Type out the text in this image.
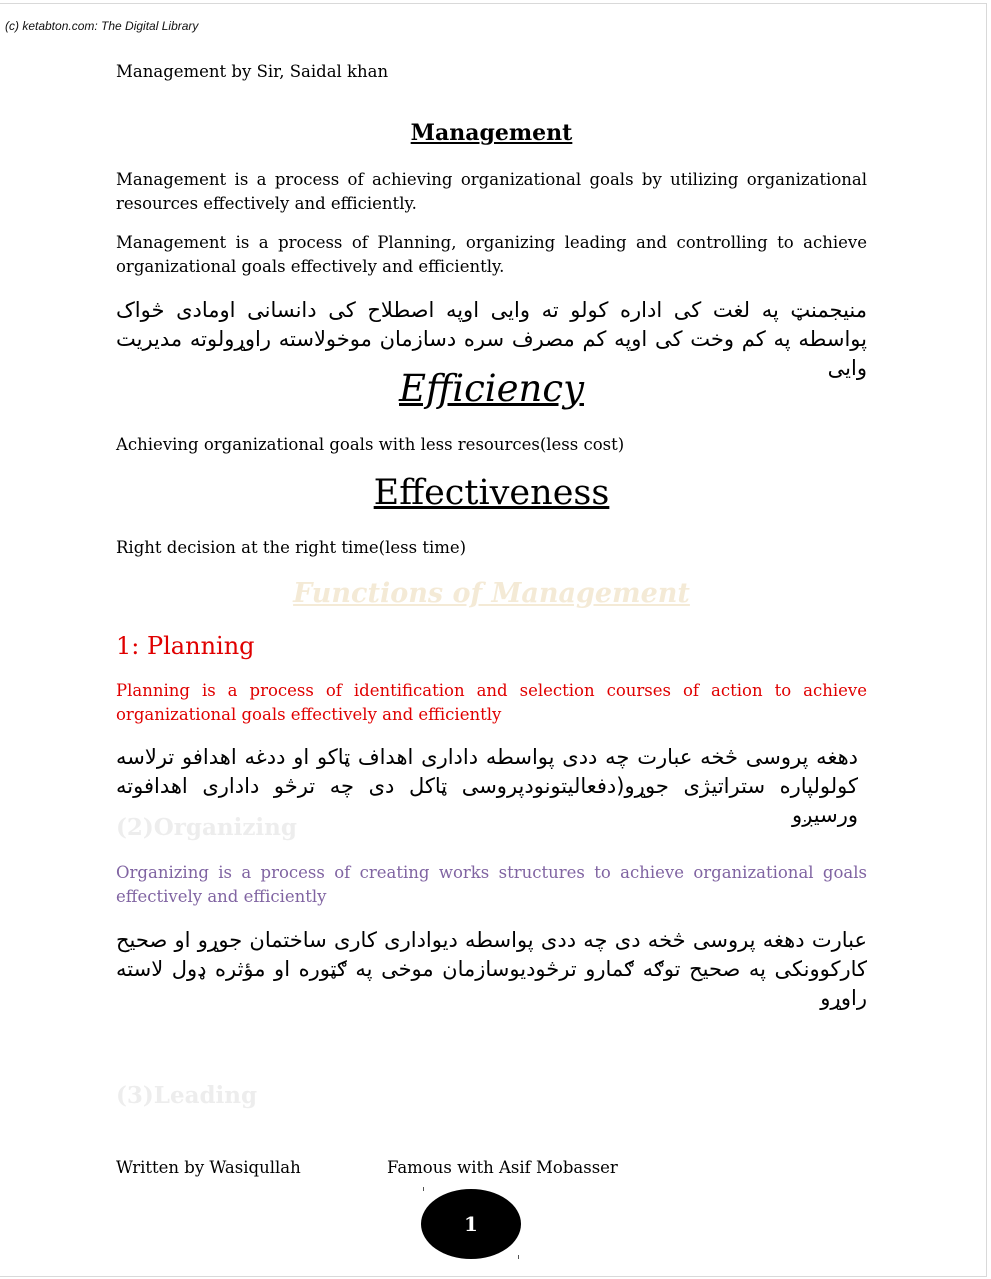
(c) ketabton.com: The Digital Library
Management by Sir, Saidal khan
Management
Management is a process of achieving organizational goals by utilizing organizational resources effectively and efficiently.
Management is a process of Planning, organizing leading and controlling to achieve organizational goals effectively and efficiently.
منیجمنټ په لغت کی اداره کولو ته وایی اوپه اصطلاح کی دانسانی اومادی څواک پواسطه په کم وخت کی اوپه کم مصرف سره دسازمان موخولاسته راوړولوته مدیریت وایی
Efficiency
Achieving organizational goals with less resources(less cost)
Effectiveness
Right decision at the right time(less time)
Functions of Management
1: Planning
Planning is a process of identification and selection courses of action to achieve organizational goals effectively and efficiently
دهغه پروسی څخه عبارت چه ددی پواسطه داداری اهداف ټاکو او ددغه اهدافو ترلاسه کولولپاره ستراتیژی جوړو(دفعالیتونودپروسی ټاکل دی چه ترڅو داداری اهدافوته ورسیږو
(2)Organizing
Organizing is a process of creating works structures to achieve organizational goals effectively and efficiently
عبارت دهغه پروسی څخه دی چه ددی پواسطه دیواداری کاری ساختمان جوړو او صحیح کارکوونکی په صحیح توګه ګمارو ترڅودیوسازمان موخی په ګټوره او مؤثره ډول لاسته راوړو
(3)Leading
Written by Wasiqullah	Famous with Asif Mobasser
1
